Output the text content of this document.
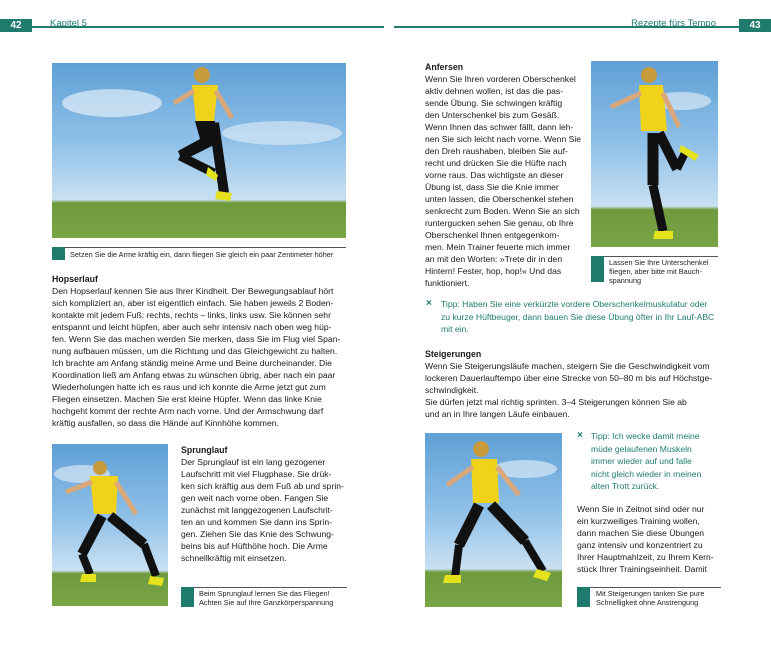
42	Kapitel 5	Rezepte fürs Tempo	43
Setzen Sie die Arme kräftig ein, dann fliegen Sie gleich ein paar Zentimeter höher
Hopserlauf
Den Hopserlauf kennen Sie aus Ihrer Kindheit. Der Bewegungsablauf hört
sich kompliziert an, aber ist eigentlich einfach. Sie haben jeweils 2 Boden-
kontakte mit jedem Fuß: rechts, rechts – links, links usw. Sie können sehr
entspannt und leicht hüpfen, aber auch sehr intensiv nach oben weg hüp-
fen. Wenn Sie das machen werden Sie merken, dass Sie im Flug viel Span-
nung aufbauen müssen, um die Richtung und das Gleichgewicht zu halten.
Ich brachte am Anfang ständig meine Arme und Beine durcheinander. Die
Koordination ließ am Anfang etwas zu wünschen übrig, aber nach ein paar
Wiederholungen hatte ich es raus und ich konnte die Arme jetzt gut zum
Fliegen einsetzen. Machen Sie erst kleine Hüpfer. Wenn das linke Knie
hochgeht kommt der rechte Arm nach vorne. Und der Armschwung darf
kräftig ausfallen, so dass die Hände auf Kinnhöhe kommen.
Sprunglauf
Der Sprunglauf ist ein lang gezogener
Laufschritt mit viel Flugphase. Sie drük-
ken sich kräftig aus dem Fuß ab und sprin-
gen weit nach vorne oben. Fangen Sie
zunächst mit langgezogenen Laufschrit-
ten an und kommen Sie dann ins Sprin-
gen. Ziehen Sie das Knie des Schwung-
beins bis auf Hüfthöhe hoch. Die Arme
schnellkräftig mit einsetzen.
Beim Sprunglauf lernen Sie das Fliegen!
Achten Sie auf Ihre Ganzkörperspannung
Anfersen
Wenn Sie Ihren vorderen Oberschenkel
aktiv dehnen wollen, ist das die pas-
sende Übung. Sie schwingen kräftig
den Unterschenkel bis zum Gesäß.
Wenn Ihnen das schwer fällt, dann leh-
nen Sie sich leicht nach vorne. Wenn Sie
den Dreh raushaben, bleiben Sie auf-
recht und drücken Sie die Hüfte nach
vorne raus. Das wichtigste an dieser
Übung ist, dass Sie die Knie immer
unten lassen, die Oberschenkel stehen
senkrecht zum Boden. Wenn Sie an sich
runtergucken sehen Sie genau, ob Ihre
Oberschenkel Ihnen entgegenkom-
men. Mein Trainer feuerte mich immer
an mit den Worten: »Trete dir in den
Hintern! Fester, hop, hop!« Und das
funktioniert.
Lassen Sie Ihre Unterschenkel
fliegen, aber bitte mit Bauch-
spannung
× Tipp: Haben Sie eine verkürzte vordere Oberschenkelmuskulatur oder
zu kurze Hüftbeuger, dann bauen Sie diese Übung öfter in Ihr Lauf-ABC
mit ein.
Steigerungen
Wenn Sie Steigerungsläufe machen, steigern Sie die Geschwindigkeit vom
lockeren Dauerlauftempo über eine Strecke von 50–80 m bis auf Höchstge-
schwindigkeit.
Sie dürfen jetzt mal richtig sprinten. 3–4 Steigerungen können Sie ab
und an in Ihre langen Läufe einbauen.
× Tipp: Ich wecke damit meine
müde gelaufenen Muskeln
immer wieder auf und falle
nicht gleich wieder in meinen
alten Trott zurück.
Wenn Sie in Zeitnot sind oder nur
ein kurzweiliges Training wollen,
dann machen Sie diese Übungen
ganz intensiv und konzentriert zu
Ihrer Hauptmahlzeit, zu Ihrem Kern-
stück Ihrer Trainingseinheit. Damit
Mit Steigerungen tanken Sie pure
Schnelligkeit ohne Anstrengung
